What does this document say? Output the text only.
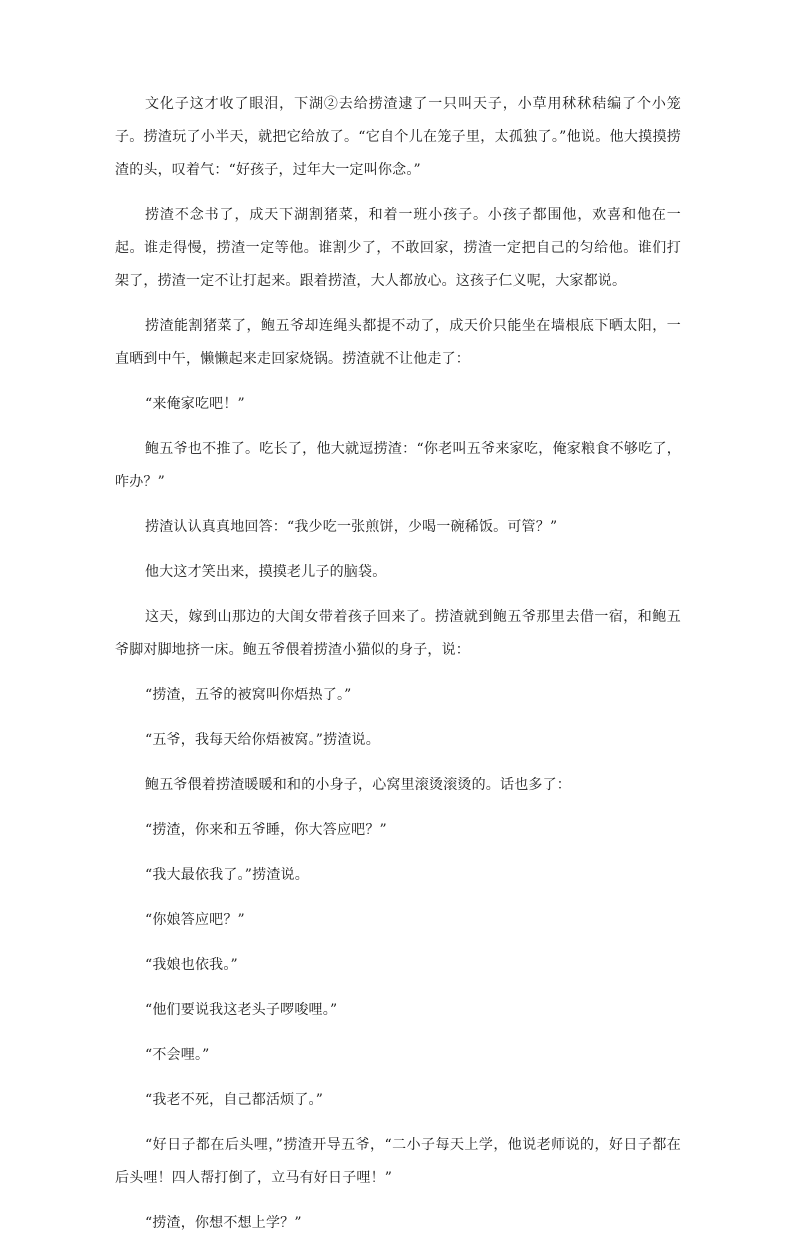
文化子这才收了眼泪，下湖②去给捞渣逮了一只叫天子，小草用秫秫秸编了个小笼子。捞渣玩了小半天，就把它给放了。“它自个儿在笼子里，太孤独了。”他说。他大摸摸捞渣的头，叹着气：“好孩子，过年大一定叫你念。”

捞渣不念书了，成天下湖割猪菜，和着一班小孩子。小孩子都围他，欢喜和他在一起。谁走得慢，捞渣一定等他。谁割少了，不敢回家，捞渣一定把自己的匀给他。谁们打架了，捞渣一定不让打起来。跟着捞渣，大人都放心。这孩子仁义呢，大家都说。

捞渣能割猪菜了，鲍五爷却连绳头都提不动了，成天价只能坐在墙根底下晒太阳，一直晒到中午，懒懒起来走回家烧锅。捞渣就不让他走了：

“来俺家吃吧！”

鲍五爷也不推了。吃长了，他大就逗捞渣：“你老叫五爷来家吃，俺家粮食不够吃了，咋办？”

捞渣认认真真地回答：“我少吃一张煎饼，少喝一碗稀饭。可管？”

他大这才笑出来，摸摸老儿子的脑袋。

这天，嫁到山那边的大闺女带着孩子回来了。捞渣就到鲍五爷那里去借一宿，和鲍五爷脚对脚地挤一床。鲍五爷偎着捞渣小猫似的身子，说：

“捞渣，五爷的被窝叫你焐热了。”

“五爷，我每天给你焐被窝。”捞渣说。

鲍五爷偎着捞渣暖暖和和的小身子，心窝里滚烫滚烫的。话也多了：

“捞渣，你来和五爷睡，你大答应吧？”

“我大最依我了。”捞渣说。

“你娘答应吧？”

“我娘也依我。”

“他们要说我这老头子啰唆哩。”

“不会哩。”

“我老不死，自己都活烦了。”

“好日子都在后头哩，”捞渣开导五爷，“二小子每天上学，他说老师说的，好日子都在后头哩！四人帮打倒了，立马有好日子哩！”

“捞渣，你想不想上学？”
